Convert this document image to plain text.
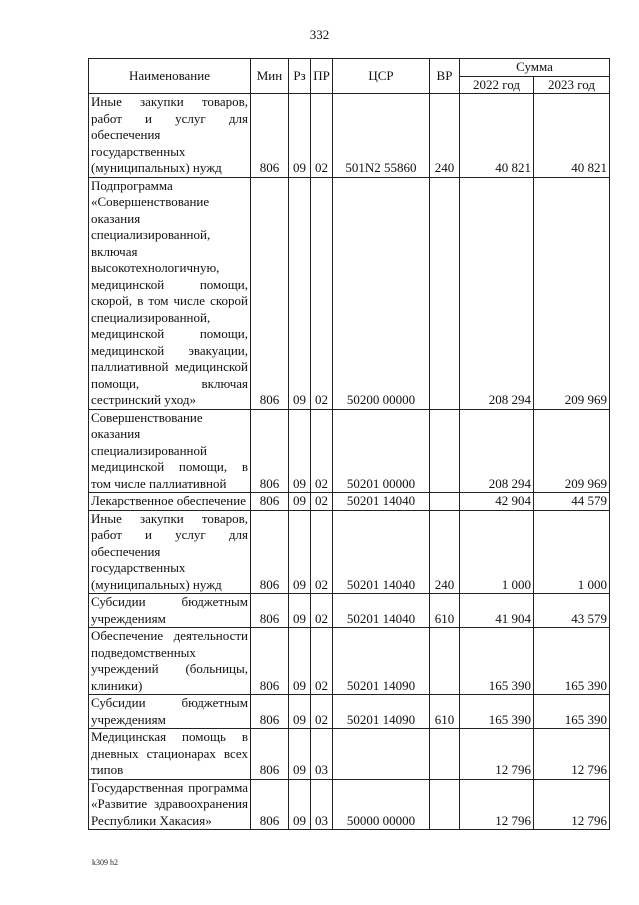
332
Наименование	Мин	Рз	ПР	ЦСР	ВР	Сумма	
						2022 год	2023 год
Иные закупки товаров, работ и услуг для обеспечения государственных (муниципальных) нужд	806	09	02	501N2 55860	240	40 821	40 821
Подпрограмма «Совершенствование оказания специализированной, включая высокотехнологичную, медицинской помощи, скорой, в том числе скорой специализированной, медицинской помощи, медицинской эвакуации, паллиативной медицинской помощи, включая сестринский уход»	806	09	02	50200 00000		208 294	209 969
Совершенствование оказания специализированной медицинской помощи, в том числе паллиативной	806	09	02	50201 00000		208 294	209 969
Лекарственное обеспечение	806	09	02	50201 14040		42 904	44 579
Иные закупки товаров, работ и услуг для обеспечения государственных (муниципальных) нужд	806	09	02	50201 14040	240	1 000	1 000
Субсидии бюджетным учреждениям	806	09	02	50201 14040	610	41 904	43 579
Обеспечение деятельности подведомственных учреждений (больницы, клиники)	806	09	02	50201 14090		165 390	165 390
Субсидии бюджетным учреждениям	806	09	02	50201 14090	610	165 390	165 390
Медицинская помощь в дневных стационарах всех типов	806	09	03			12 796	12 796
Государственная программа «Развитие здравоохранения Республики Хакасия»	806	09	03	50000 00000		12 796	12 796
k309 h2
